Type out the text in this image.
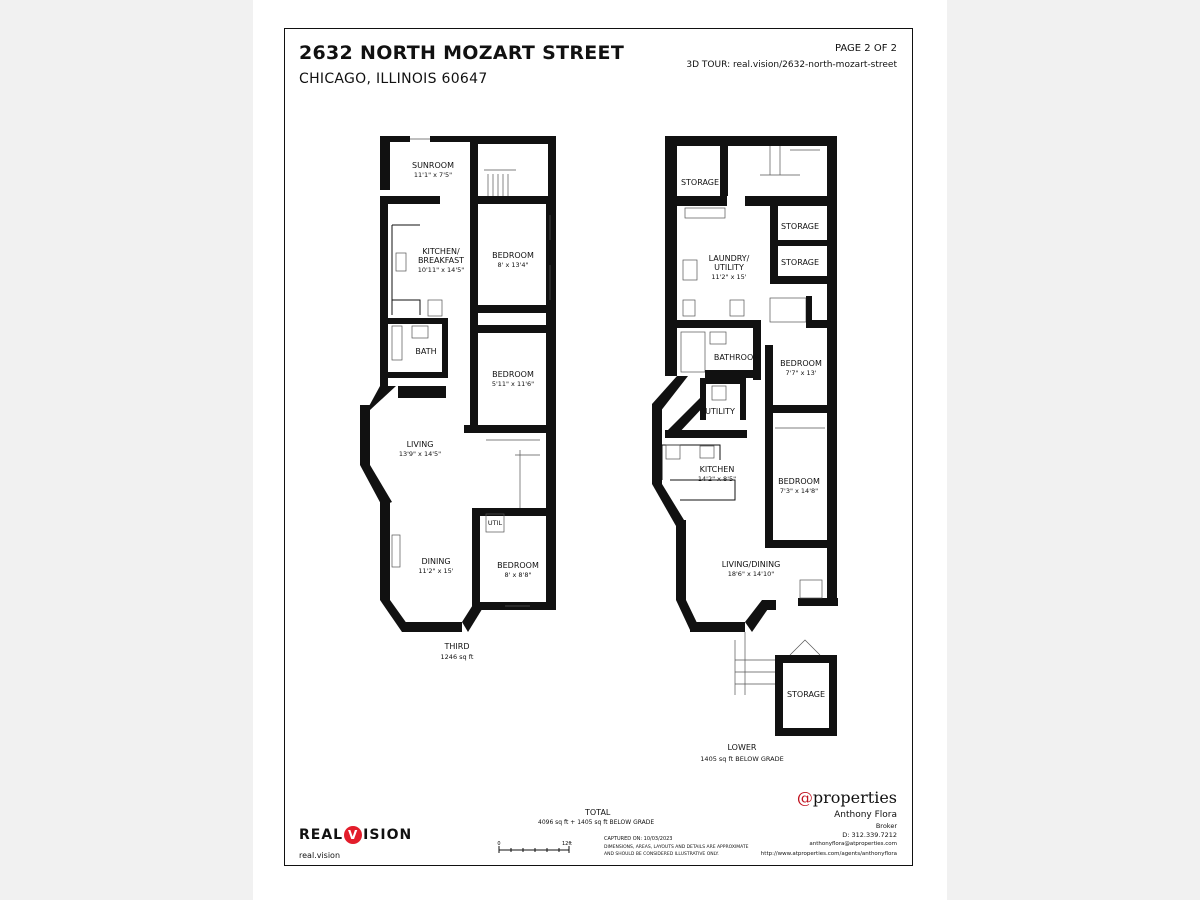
2632 NORTH MOZART STREET
CHICAGO, ILLINOIS 60647
PAGE 2 OF 2
3D TOUR: real.vision/2632-north-mozart-street
SUNROOM
11'1" x 7'5"
KITCHEN/
BREAKFAST
10'11" x 14'5"
BEDROOM
8' x 13'4"
BATH
BEDROOM
5'11" x 11'6"
LIVING
13'9" x 14'5"
DINING
11'2" x 15'
BEDROOM
8' x 8'8"
UTIL
THIRD
1246 sq ft
STORAGE
STORAGE
STORAGE
LAUNDRY/
UTILITY
11'2" x 15'
BATHROOM
BEDROOM
7'7" x 13'
UTILITY
KITCHEN
14'2" x 8'5"	BEDROOM
7'3" x 14'8"
LIVING/DINING
18'6" x 14'10"
STORAGE
LOWER
1405 sq ft BELOW GRADE
TOTAL
4096 sq ft + 1405 sq ft BELOW GRADE
0	12ft
CAPTURED ON: 10/03/2023
DIMENSIONS, AREAS, LAYOUTS AND DETAILS ARE APPROXIMATE
AND SHOULD BE CONSIDERED ILLUSTRATIVE ONLY.
REAL V ISION
real.vision
@properties
Anthony Flora
Broker
D: 312.339.7212
anthonyflora@atproperties.com
http://www.atproperties.com/agents/anthonyflora
